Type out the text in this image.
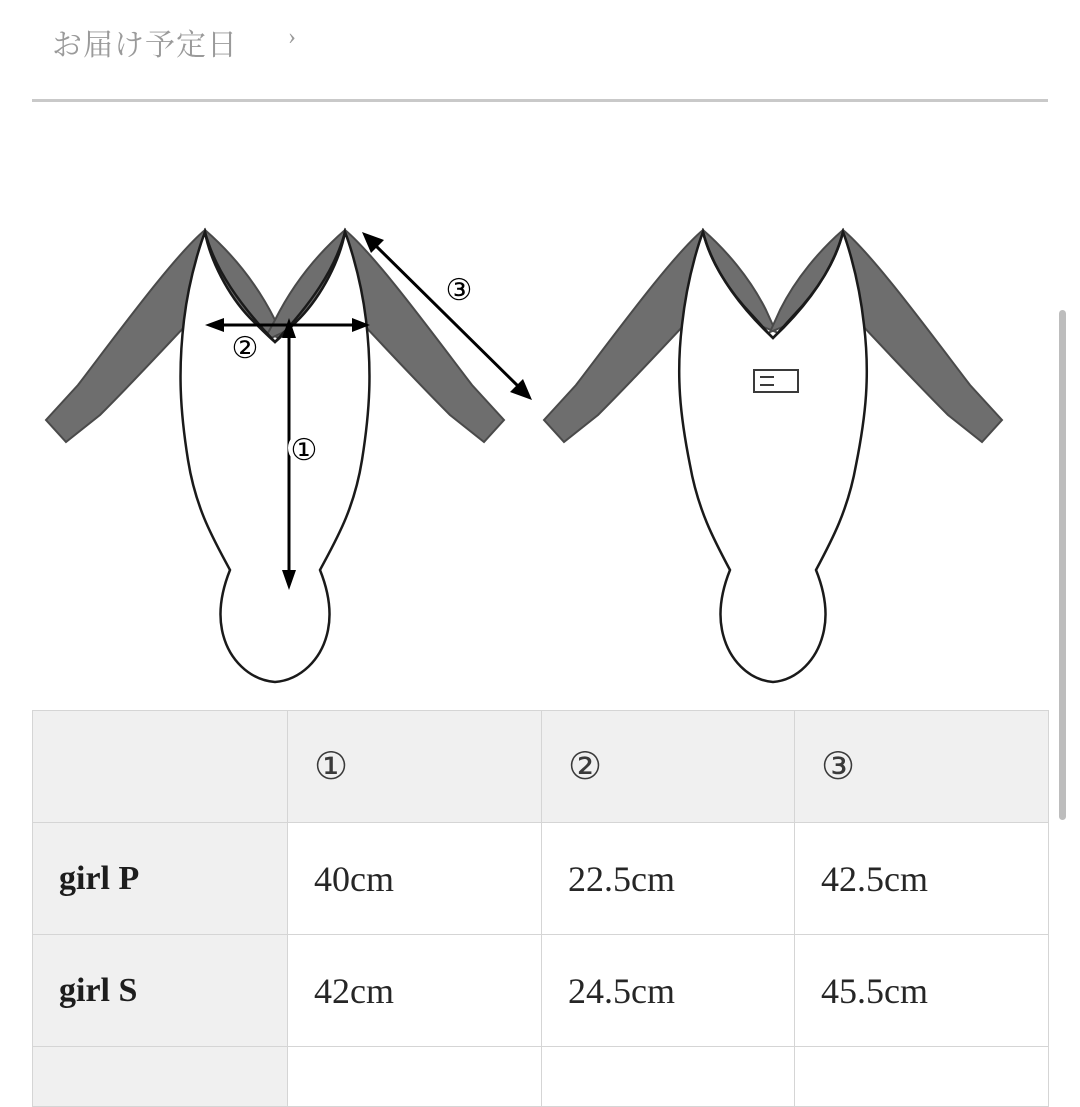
お届け予定日 ›
①
②
③
	①	②	③
girl P	40cm	22.5cm	42.5cm
girl S	42cm	24.5cm	45.5cm
